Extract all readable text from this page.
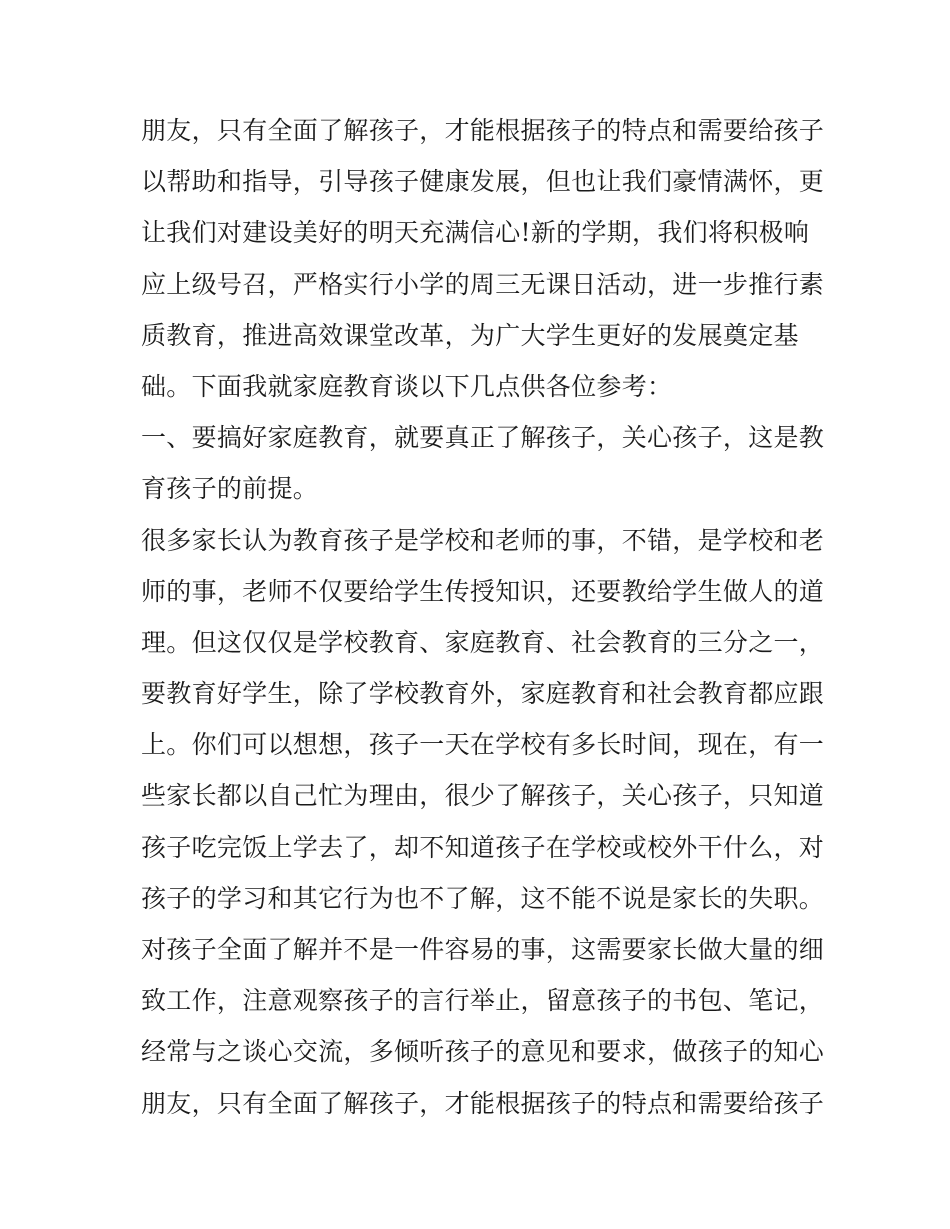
朋友，只有全面了解孩子，才能根据孩子的特点和需要给孩子
以帮助和指导，引导孩子健康发展，但也让我们豪情满怀，更
让我们对建设美好的明天充满信心!新的学期，我们将积极响
应上级号召，严格实行小学的周三无课日活动，进一步推行素
质教育，推进高效课堂改革，为广大学生更好的发展奠定基
础。下面我就家庭教育谈以下几点供各位参考：
一、要搞好家庭教育，就要真正了解孩子，关心孩子，这是教
育孩子的前提。
很多家长认为教育孩子是学校和老师的事，不错，是学校和老
师的事，老师不仅要给学生传授知识，还要教给学生做人的道
理。但这仅仅是学校教育、家庭教育、社会教育的三分之一，
要教育好学生，除了学校教育外，家庭教育和社会教育都应跟
上。你们可以想想，孩子一天在学校有多长时间，现在，有一
些家长都以自己忙为理由，很少了解孩子，关心孩子，只知道
孩子吃完饭上学去了，却不知道孩子在学校或校外干什么，对
孩子的学习和其它行为也不了解，这不能不说是家长的失职。
对孩子全面了解并不是一件容易的事，这需要家长做大量的细
致工作，注意观察孩子的言行举止，留意孩子的书包、笔记，
经常与之谈心交流，多倾听孩子的意见和要求，做孩子的知心
朋友，只有全面了解孩子，才能根据孩子的特点和需要给孩子
